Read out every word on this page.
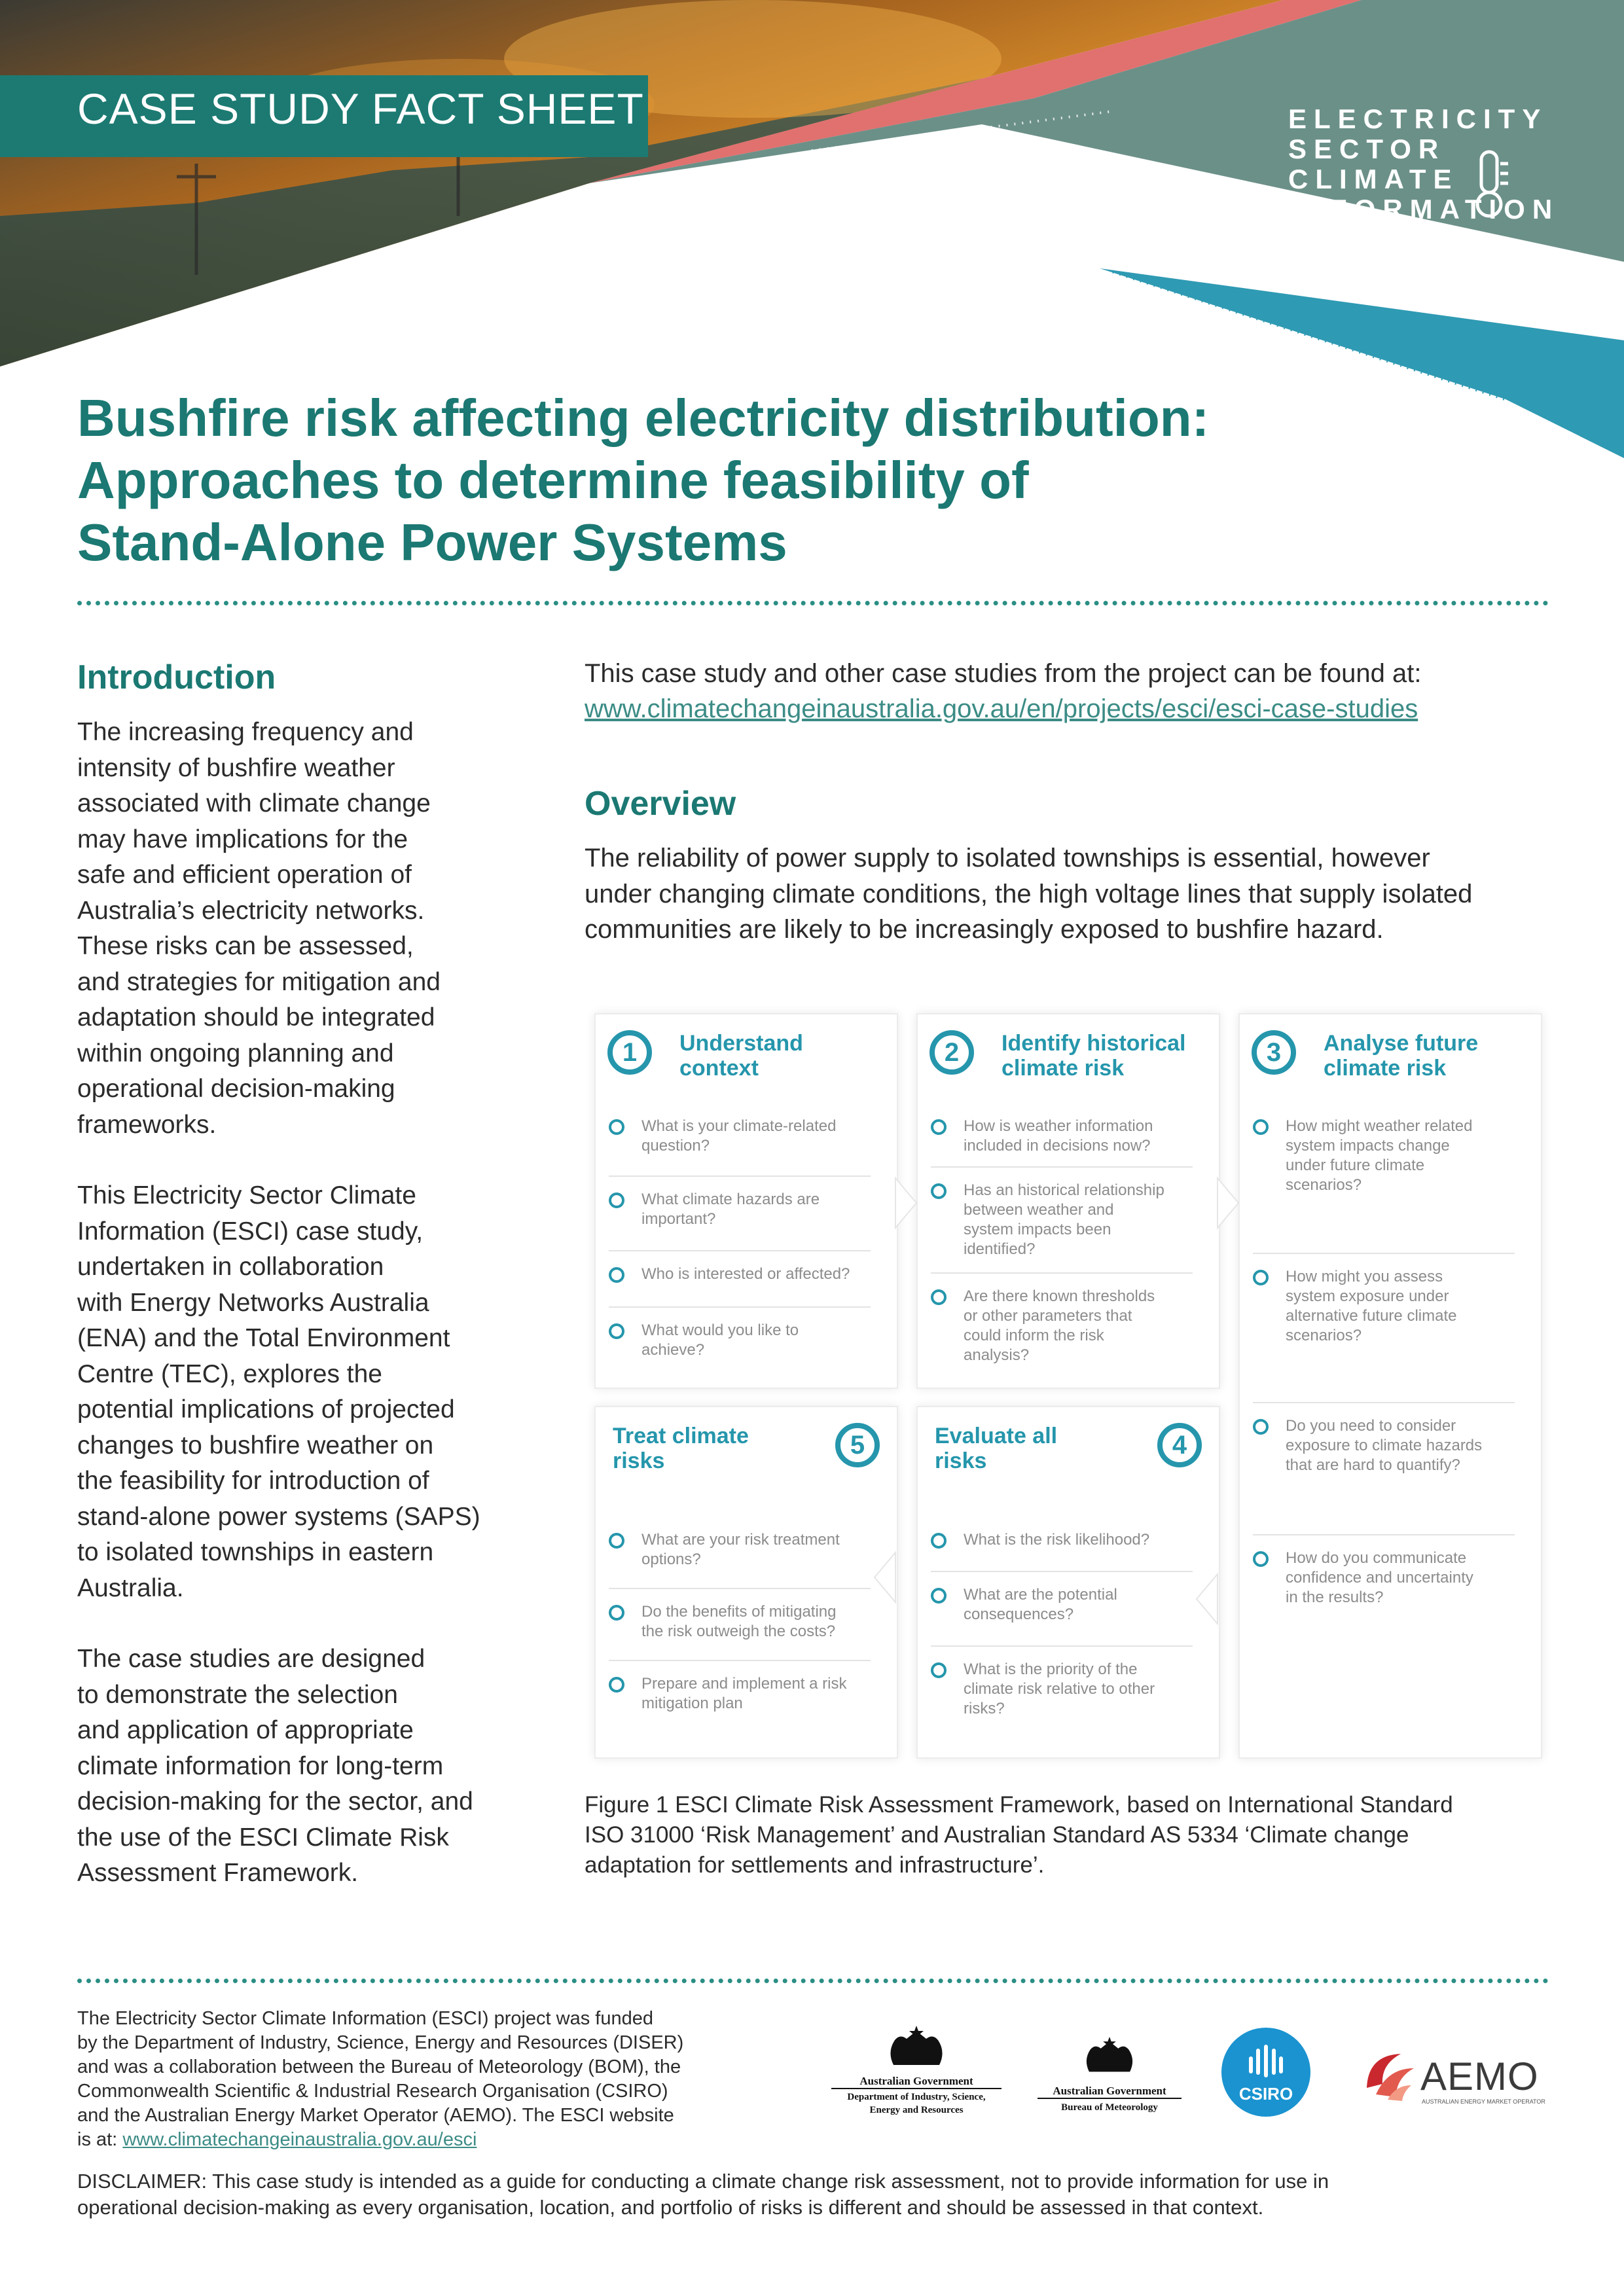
CASE STUDY FACT SHEET	ELECTRICITY
SECTOR
CLIMATE
INFORMATION
PROJECT
Bushfire risk affecting electricity distribution:
Approaches to determine feasibility of
Stand-Alone Power Systems
Introduction

The increasing frequency and
intensity of bushfire weather
associated with climate change
may have implications for the
safe and efficient operation of
Australia’s electricity networks.
These risks can be assessed,
and strategies for mitigation and
adaptation should be integrated
within ongoing planning and
operational decision-making
frameworks.

This Electricity Sector Climate
Information (ESCI) case study,
undertaken in collaboration
with Energy Networks Australia
(ENA) and the Total Environment
Centre (TEC), explores the
potential implications of projected
changes to bushfire weather on
the feasibility for introduction of
stand-alone power systems (SAPS)
to isolated townships in eastern
Australia.

The case studies are designed
to demonstrate the selection
and application of appropriate
climate information for long-term
decision-making for the sector, and
the use of the ESCI Climate Risk
Assessment Framework.

This case study and other case studies from the project can be found at:
www.climatechangeinaustralia.gov.au/en/projects/esci/esci-case-studies
Overview
The reliability of power supply to isolated townships is essential, however
under changing climate conditions, the high voltage lines that supply isolated
communities are likely to be increasingly exposed to bushfire hazard.
1	Understand
context
What is your climate-related
question?
What climate hazards are
important?
Who is interested or affected?
What would you like to
achieve?
2	Identify historical
climate risk
How is weather information
included in decisions now?
Has an historical relationship
between weather and
system impacts been
identified?
Are there known thresholds
or other parameters that
could inform the risk
analysis?
3	Analyse future
climate risk
How might weather related
system impacts change
under future climate
scenarios?
How might you assess
system exposure under
alternative future climate
scenarios?
Do you need to consider
exposure to climate hazards
that are hard to quantify?
How do you communicate
confidence and uncertainty
in the results?
4
Evaluate all
risks
What is the risk likelihood?
What are the potential
consequences?
What is the priority of the
climate risk relative to other
risks?
5
Treat climate
risks
What are your risk treatment
options?
Do the benefits of mitigating
the risk outweigh the costs?
Prepare and implement a risk
mitigation plan
Figure 1 ESCI Climate Risk Assessment Framework, based on International Standard
ISO 31000 ‘Risk Management’ and Australian Standard AS 5334 ‘Climate change
adaptation for settlements and infrastructure’.
The Electricity Sector Climate Information (ESCI) project was funded
by the Department of Industry, Science, Energy and Resources (DISER)
and was a collaboration between the Bureau of Meteorology (BOM), the
Commonwealth Scientific & Industrial Research Organisation (CSIRO)
and the Australian Energy Market Operator (AEMO). The ESCI website
is at: www.climatechangeinaustralia.gov.au/esci
Australian Government
Department of Industry, Science,
Energy and Resources
Australian Government
Bureau of Meteorology
CSIRO	AEMO
AUSTRALIAN ENERGY MARKET OPERATOR
DISCLAIMER: This case study is intended as a guide for conducting a climate change risk assessment, not to provide information for use in
operational decision-making as every organisation, location, and portfolio of risks is different and should be assessed in that context.
